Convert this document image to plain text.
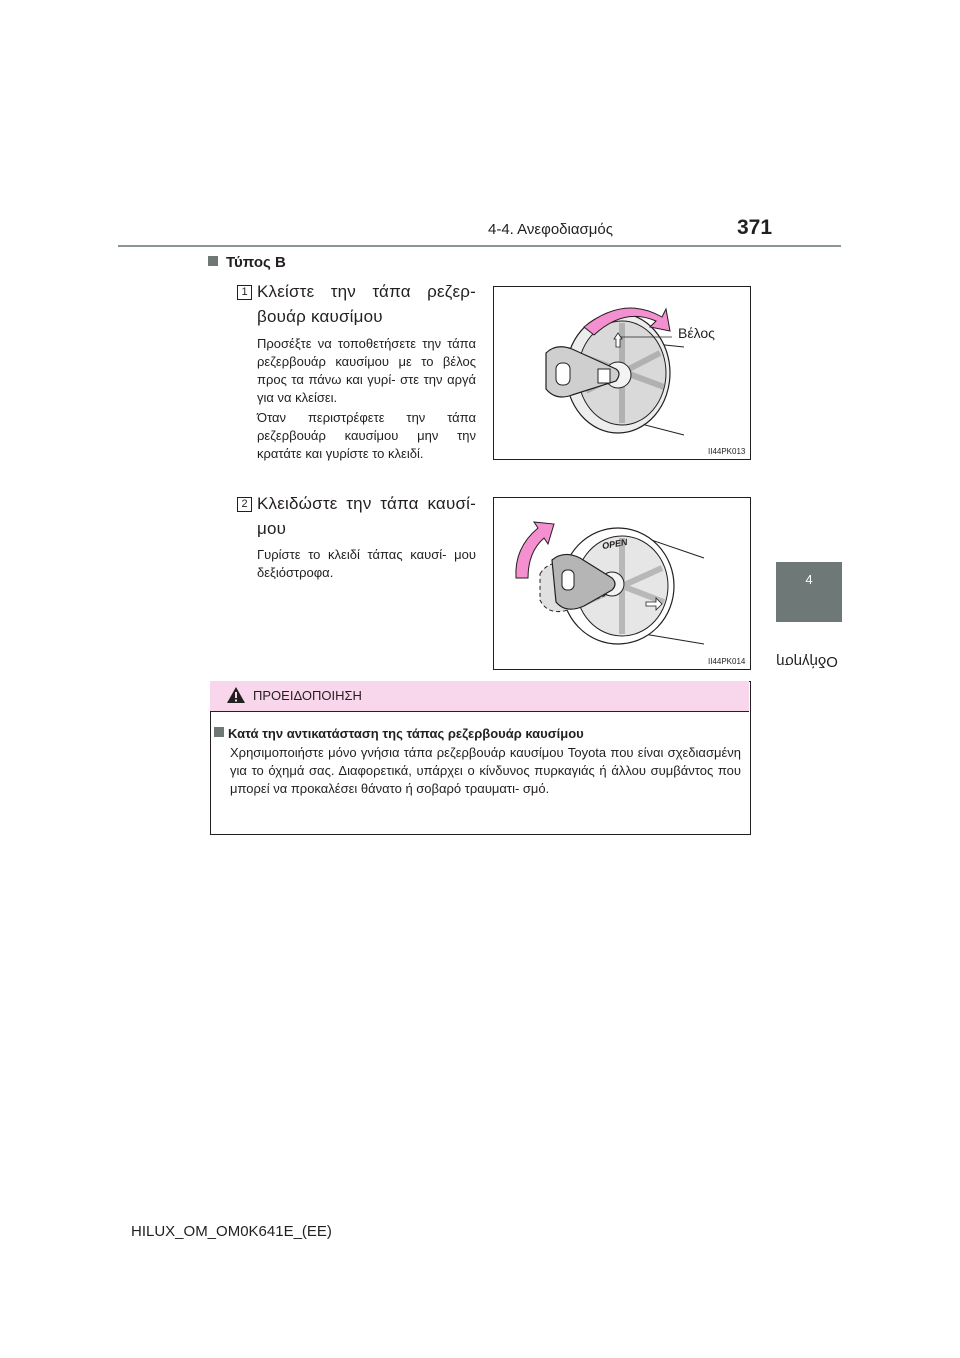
4-4. Ανεφοδιασμός	371
4
Οδήγηση
Τύπος B
1 Κλείστε την τάπα ρεζερ- βουάρ καυσίμου
Προσέξτε να τοποθετήσετε την τάπα ρεζερβουάρ καυσίμου με το βέλος προς τα πάνω και γυρί- στε την αργά για να κλείσει.
Όταν περιστρέφετε την τάπα ρεζερβουάρ καυσίμου μην την κρατάτε και γυρίστε το κλειδί.
Βέλος
II44PK013
2 Κλειδώστε την τάπα καυσί- μου
Γυρίστε το κλειδί τάπας καυσί- μου δεξιόστροφα.
OPEN
II44PK014
ΠΡΟΕΙΔΟΠΟΙΗΣΗ
Κατά την αντικατάσταση της τάπας ρεζερβουάρ καυσίμου
Χρησιμοποιήστε μόνο γνήσια τάπα ρεζερβουάρ καυσίμου Toyota που είναι σχεδιασμένη για το όχημά σας. Διαφορετικά, υπάρχει ο κίνδυνος πυρκαγιάς ή άλλου συμβάντος που μπορεί να προκαλέσει θάνατο ή σοβαρό τραυματι- σμό.
HILUX_OM_OM0K641E_(EE)
